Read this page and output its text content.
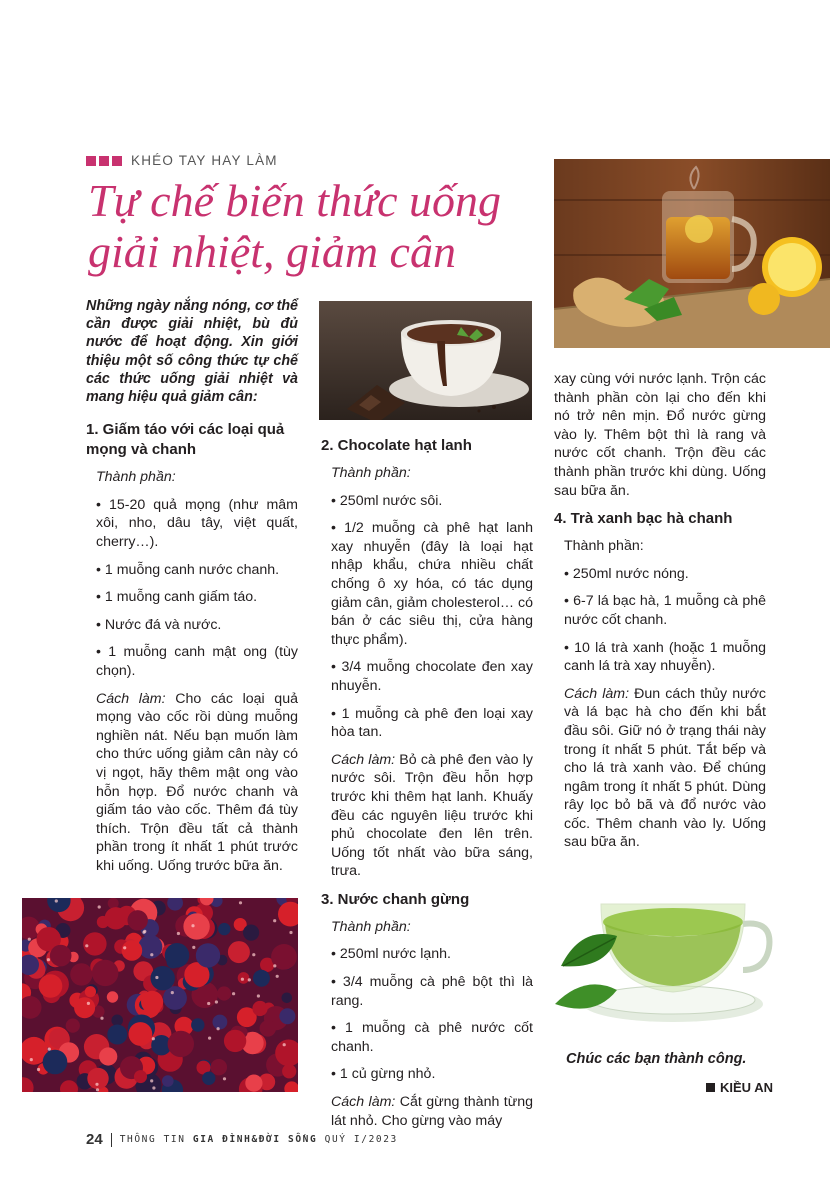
KHÉO TAY HAY LÀM
Tự chế biến thức uống
giải nhiệt, giảm cân

Những ngày nắng nóng, cơ thể cần được giải nhiệt, bù đủ nước để hoạt động. Xin giới thiệu một số công thức tự chế các thức uống giải nhiệt và mang hiệu quả giảm cân:

1. Giấm táo với các loại quả mọng và chanh

Thành phần:

• 15-20 quả mọng (như mâm xôi, nho, dâu tây, việt quất, cherry…).

• 1 muỗng canh nước chanh.

• 1 muỗng canh giấm táo.

• Nước đá và nước.

• 1 muỗng canh mật ong (tùy chọn).

Cách làm: Cho các loại quả mọng vào cốc rồi dùng muỗng nghiền nát. Nếu bạn muốn làm cho thức uống giảm cân này có vị ngọt, hãy thêm mật ong vào hỗn hợp. Đổ nước chanh và giấm táo vào cốc. Thêm đá tùy thích. Trộn đều tất cả thành phần trong ít nhất 1 phút trước khi uống. Uống trước bữa ăn.

2. Chocolate hạt lanh

Thành phần:

• 250ml nước sôi.

• 1/2 muỗng cà phê hạt lanh xay nhuyễn (đây là loại hạt nhập khẩu, chứa nhiều chất chống ô xy hóa, có tác dụng giảm cân, giảm cholesterol… có bán ở các siêu thị, cửa hàng thực phẩm).

• 3/4 muỗng chocolate đen xay nhuyễn.

• 1 muỗng cà phê đen loại xay hòa tan.

Cách làm: Bỏ cà phê đen vào ly nước sôi. Trộn đều hỗn hợp trước khi thêm hạt lanh. Khuấy đều các nguyên liệu trước khi phủ chocolate đen lên trên. Uống tốt nhất vào bữa sáng, trưa.

3. Nước chanh gừng

Thành phần:

• 250ml nước lạnh.

• 3/4 muỗng cà phê bột thì là rang.

• 1 muỗng cà phê nước cốt chanh.

• 1 củ gừng nhỏ.

Cách làm: Cắt gừng thành từng lát nhỏ. Cho gừng vào máy

xay cùng với nước lạnh. Trộn các thành phần còn lại cho đến khi nó trở nên mịn. Đổ nước gừng vào ly. Thêm bột thì là rang và nước cốt chanh. Trộn đều các thành phần trước khi dùng. Uống sau bữa ăn.

4. Trà xanh bạc hà chanh

Thành phần:

• 250ml nước nóng.

• 6-7 lá bạc hà, 1 muỗng cà phê nước cốt chanh.

• 10 lá trà xanh (hoặc 1 muỗng canh lá trà xay nhuyễn).

Cách làm: Đun cách thủy nước và lá bạc hà cho đến khi bắt đầu sôi. Giữ nó ở trạng thái này trong ít nhất 5 phút. Tắt bếp và cho lá trà xanh vào. Để chúng ngâm trong ít nhất 5 phút. Dùng rây lọc bỏ bã và đổ nước vào cốc. Thêm chanh vào ly. Uống sau bữa ăn.

Chúc các bạn thành công.
KIỀU AN
24 THÔNG TIN GIA ĐÌNH&ĐỜI SỐNG QUÝ I/2023
